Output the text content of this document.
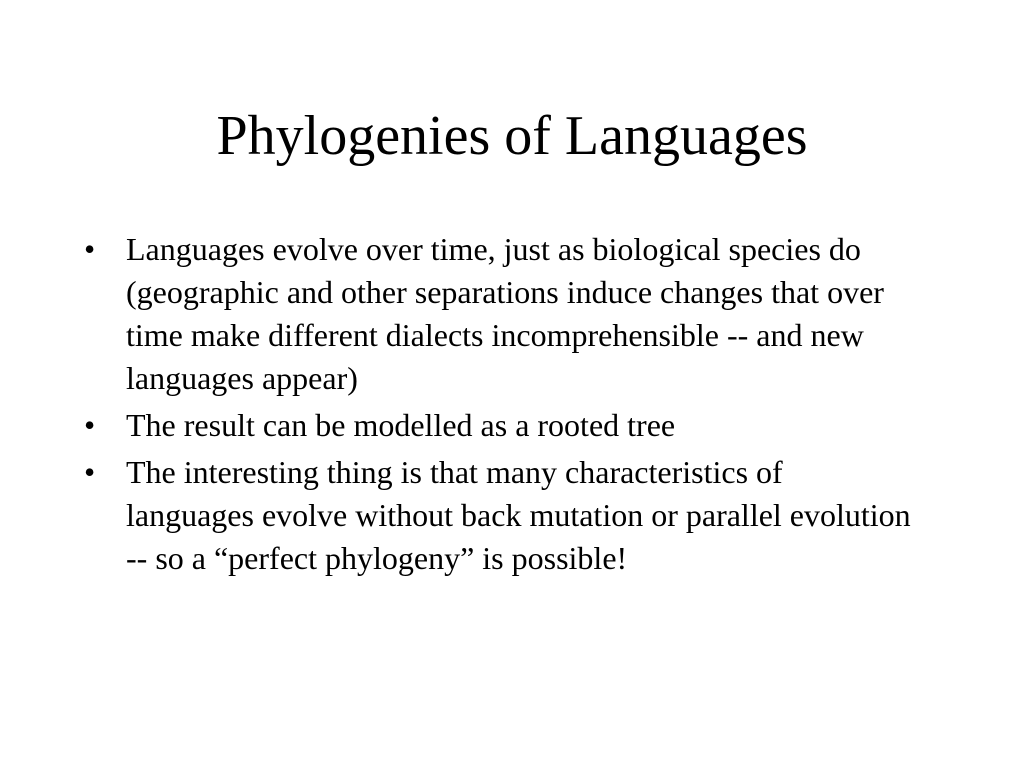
Phylogenies of Languages
• Languages evolve over time, just as biological species do (geographic and other separations induce changes that over time make different dialects incomprehensible -- and new languages appear)
• The result can be modelled as a rooted tree
• The interesting thing is that many characteristics of languages evolve without back mutation or parallel evolution -- so a “perfect phylogeny” is possible!
